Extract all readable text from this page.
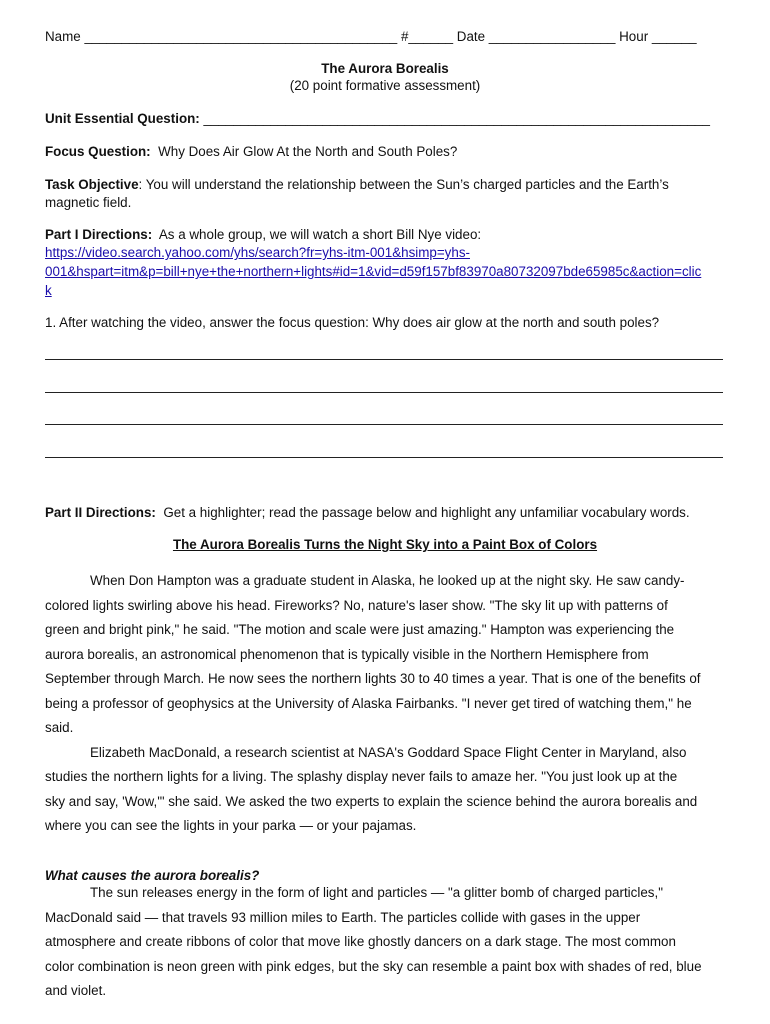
Name __________________________________________ #______ Date _________________ Hour ______
The Aurora Borealis
(20 point formative assessment)
Unit Essential Question: ____________________________________________________________________
Focus Question: Why Does Air Glow At the North and South Poles?
Task Objective: You will understand the relationship between the Sun’s charged particles and the Earth’s
magnetic field.
Part I Directions: As a whole group, we will watch a short Bill Nye video:
https://video.search.yahoo.com/yhs/search?fr=yhs-itm-001&hsimp=yhs-
001&hspart=itm&p=bill+nye+the+northern+lights#id=1&vid=d59f157bf83970a80732097bde65985c&action=clic
k
1. After watching the video, answer the focus question: Why does air glow at the north and south poles?
Part II Directions: Get a highlighter; read the passage below and highlight any unfamiliar vocabulary words.
The Aurora Borealis Turns the Night Sky into a Paint Box of Colors
When Don Hampton was a graduate student in Alaska, he looked up at the night sky. He saw candy-
colored lights swirling above his head. Fireworks? No, nature's laser show. "The sky lit up with patterns of
green and bright pink," he said. "The motion and scale were just amazing." Hampton was experiencing the
aurora borealis, an astronomical phenomenon that is typically visible in the Northern Hemisphere from
September through March. He now sees the northern lights 30 to 40 times a year. That is one of the benefits of
being a professor of geophysics at the University of Alaska Fairbanks. "I never get tired of watching them," he
said.
Elizabeth MacDonald, a research scientist at NASA's Goddard Space Flight Center in Maryland, also
studies the northern lights for a living. The splashy display never fails to amaze her. "You just look up at the
sky and say, 'Wow,'" she said. We asked the two experts to explain the science behind the aurora borealis and
where you can see the lights in your parka — or your pajamas.
What causes the aurora borealis?
The sun releases energy in the form of light and particles — "a glitter bomb of charged particles,"
MacDonald said — that travels 93 million miles to Earth. The particles collide with gases in the upper
atmosphere and create ribbons of color that move like ghostly dancers on a dark stage. The most common
color combination is neon green with pink edges, but the sky can resemble a paint box with shades of red, blue
and violet.
